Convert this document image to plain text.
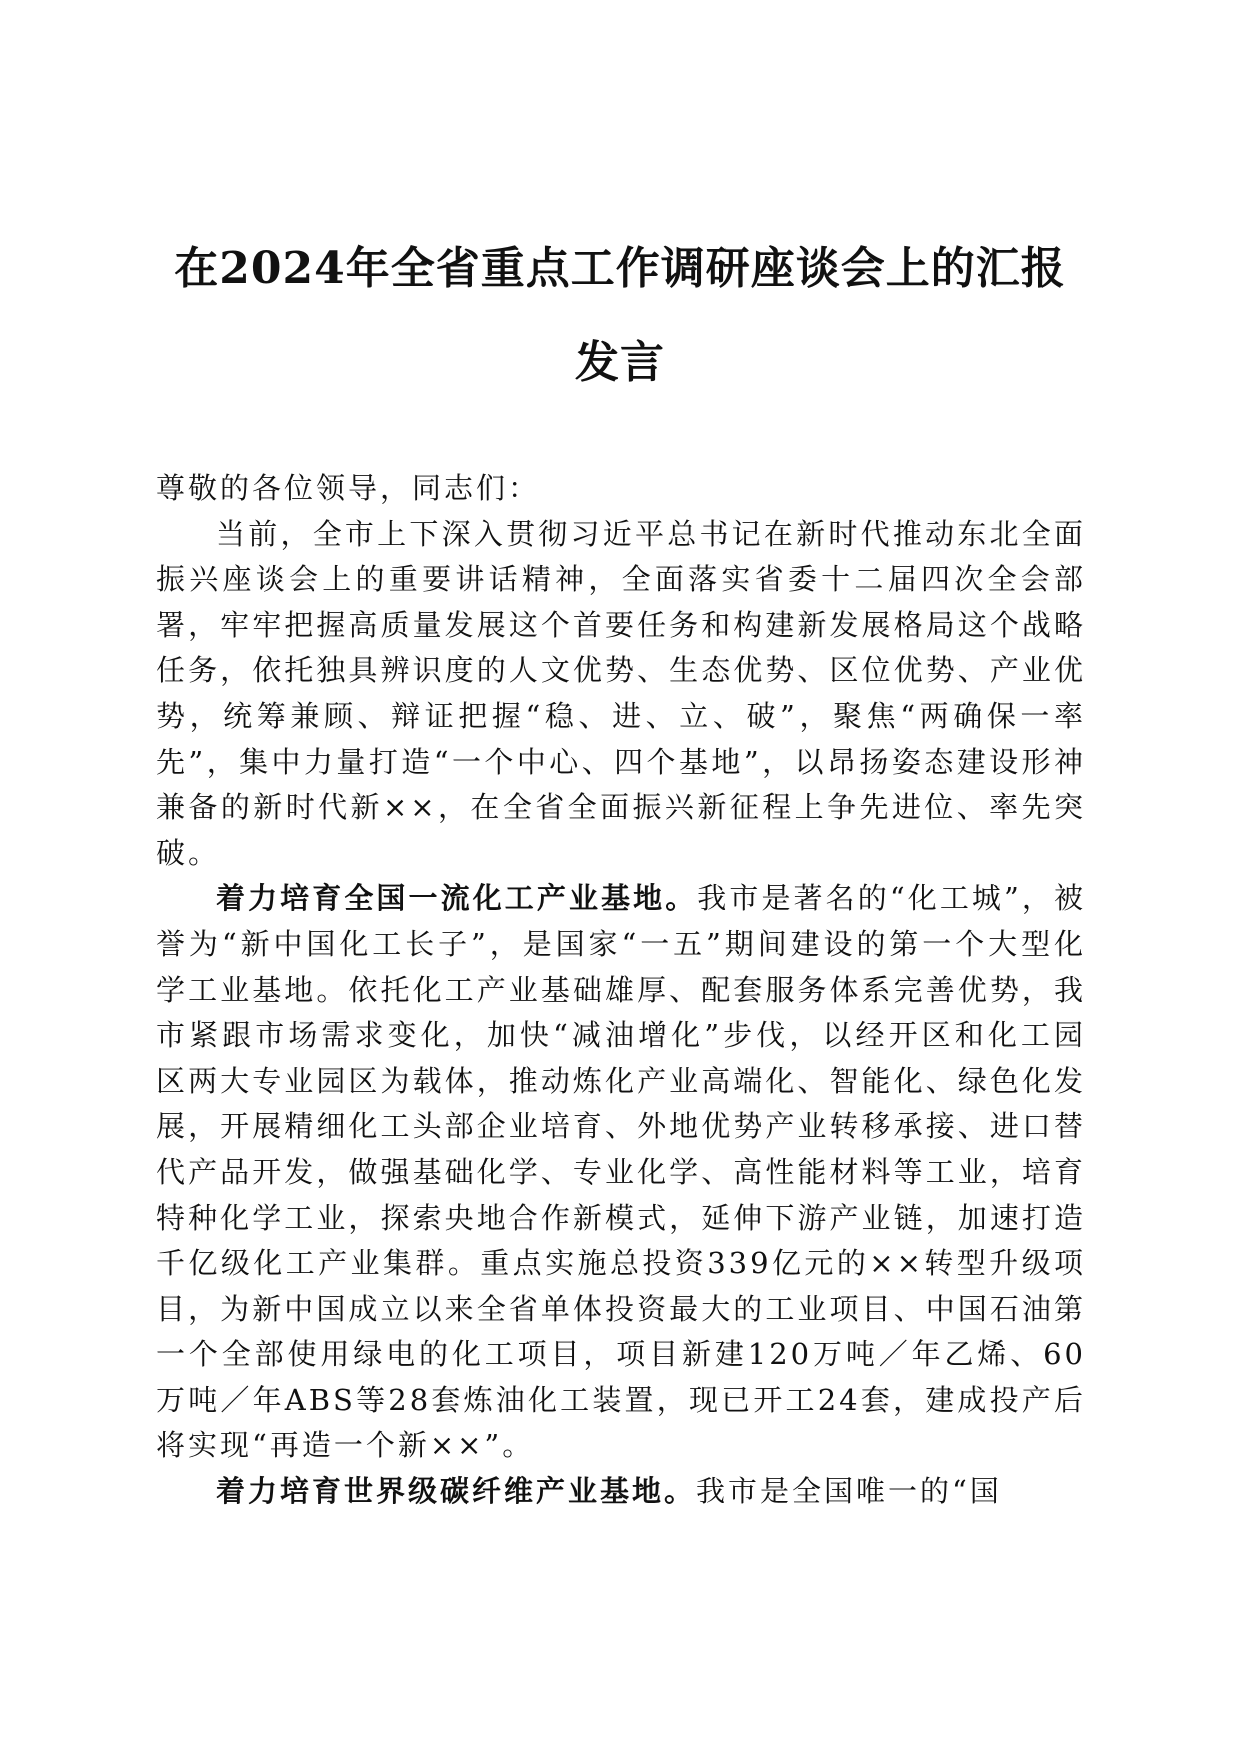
在2024年全省重点工作调研座谈会上的汇报
发言

尊敬的各位领导，同志们：

当前，全市上下深入贯彻习近平总书记在新时代推动东北全面振兴座谈会上的重要讲话精神，全面落实省委十二届四次全会部署，牢牢把握高质量发展这个首要任务和构建新发展格局这个战略任务，依托独具辨识度的人文优势、生态优势、区位优势、产业优势，统筹兼顾、辩证把握“稳、进、立、破”，聚焦“两确保一率先”，集中力量打造“一个中心、四个基地”，以昂扬姿态建设形神兼备的新时代新××，在全省全面振兴新征程上争先进位、率先突破。

着力培育全国一流化工产业基地。我市是著名的“化工城”，被誉为“新中国化工长子”，是国家“一五”期间建设的第一个大型化学工业基地。依托化工产业基础雄厚、配套服务体系完善优势，我市紧跟市场需求变化，加快“减油增化”步伐，以经开区和化工园区两大专业园区为载体，推动炼化产业高端化、智能化、绿色化发展，开展精细化工头部企业培育、外地优势产业转移承接、进口替代产品开发，做强基础化学、专业化学、高性能材料等工业，培育特种化学工业，探索央地合作新模式，延伸下游产业链，加速打造千亿级化工产业集群。重点实施总投资339亿元的××转型升级项目，为新中国成立以来全省单体投资最大的工业项目、中国石油第一个全部使用绿电的化工项目，项目新建120万吨／年乙烯、60万吨／年ABS等28套炼油化工装置，现已开工24套，建成投产后将实现“再造一个新××”。

着力培育世界级碳纤维产业基地。我市是全国唯一的“国
